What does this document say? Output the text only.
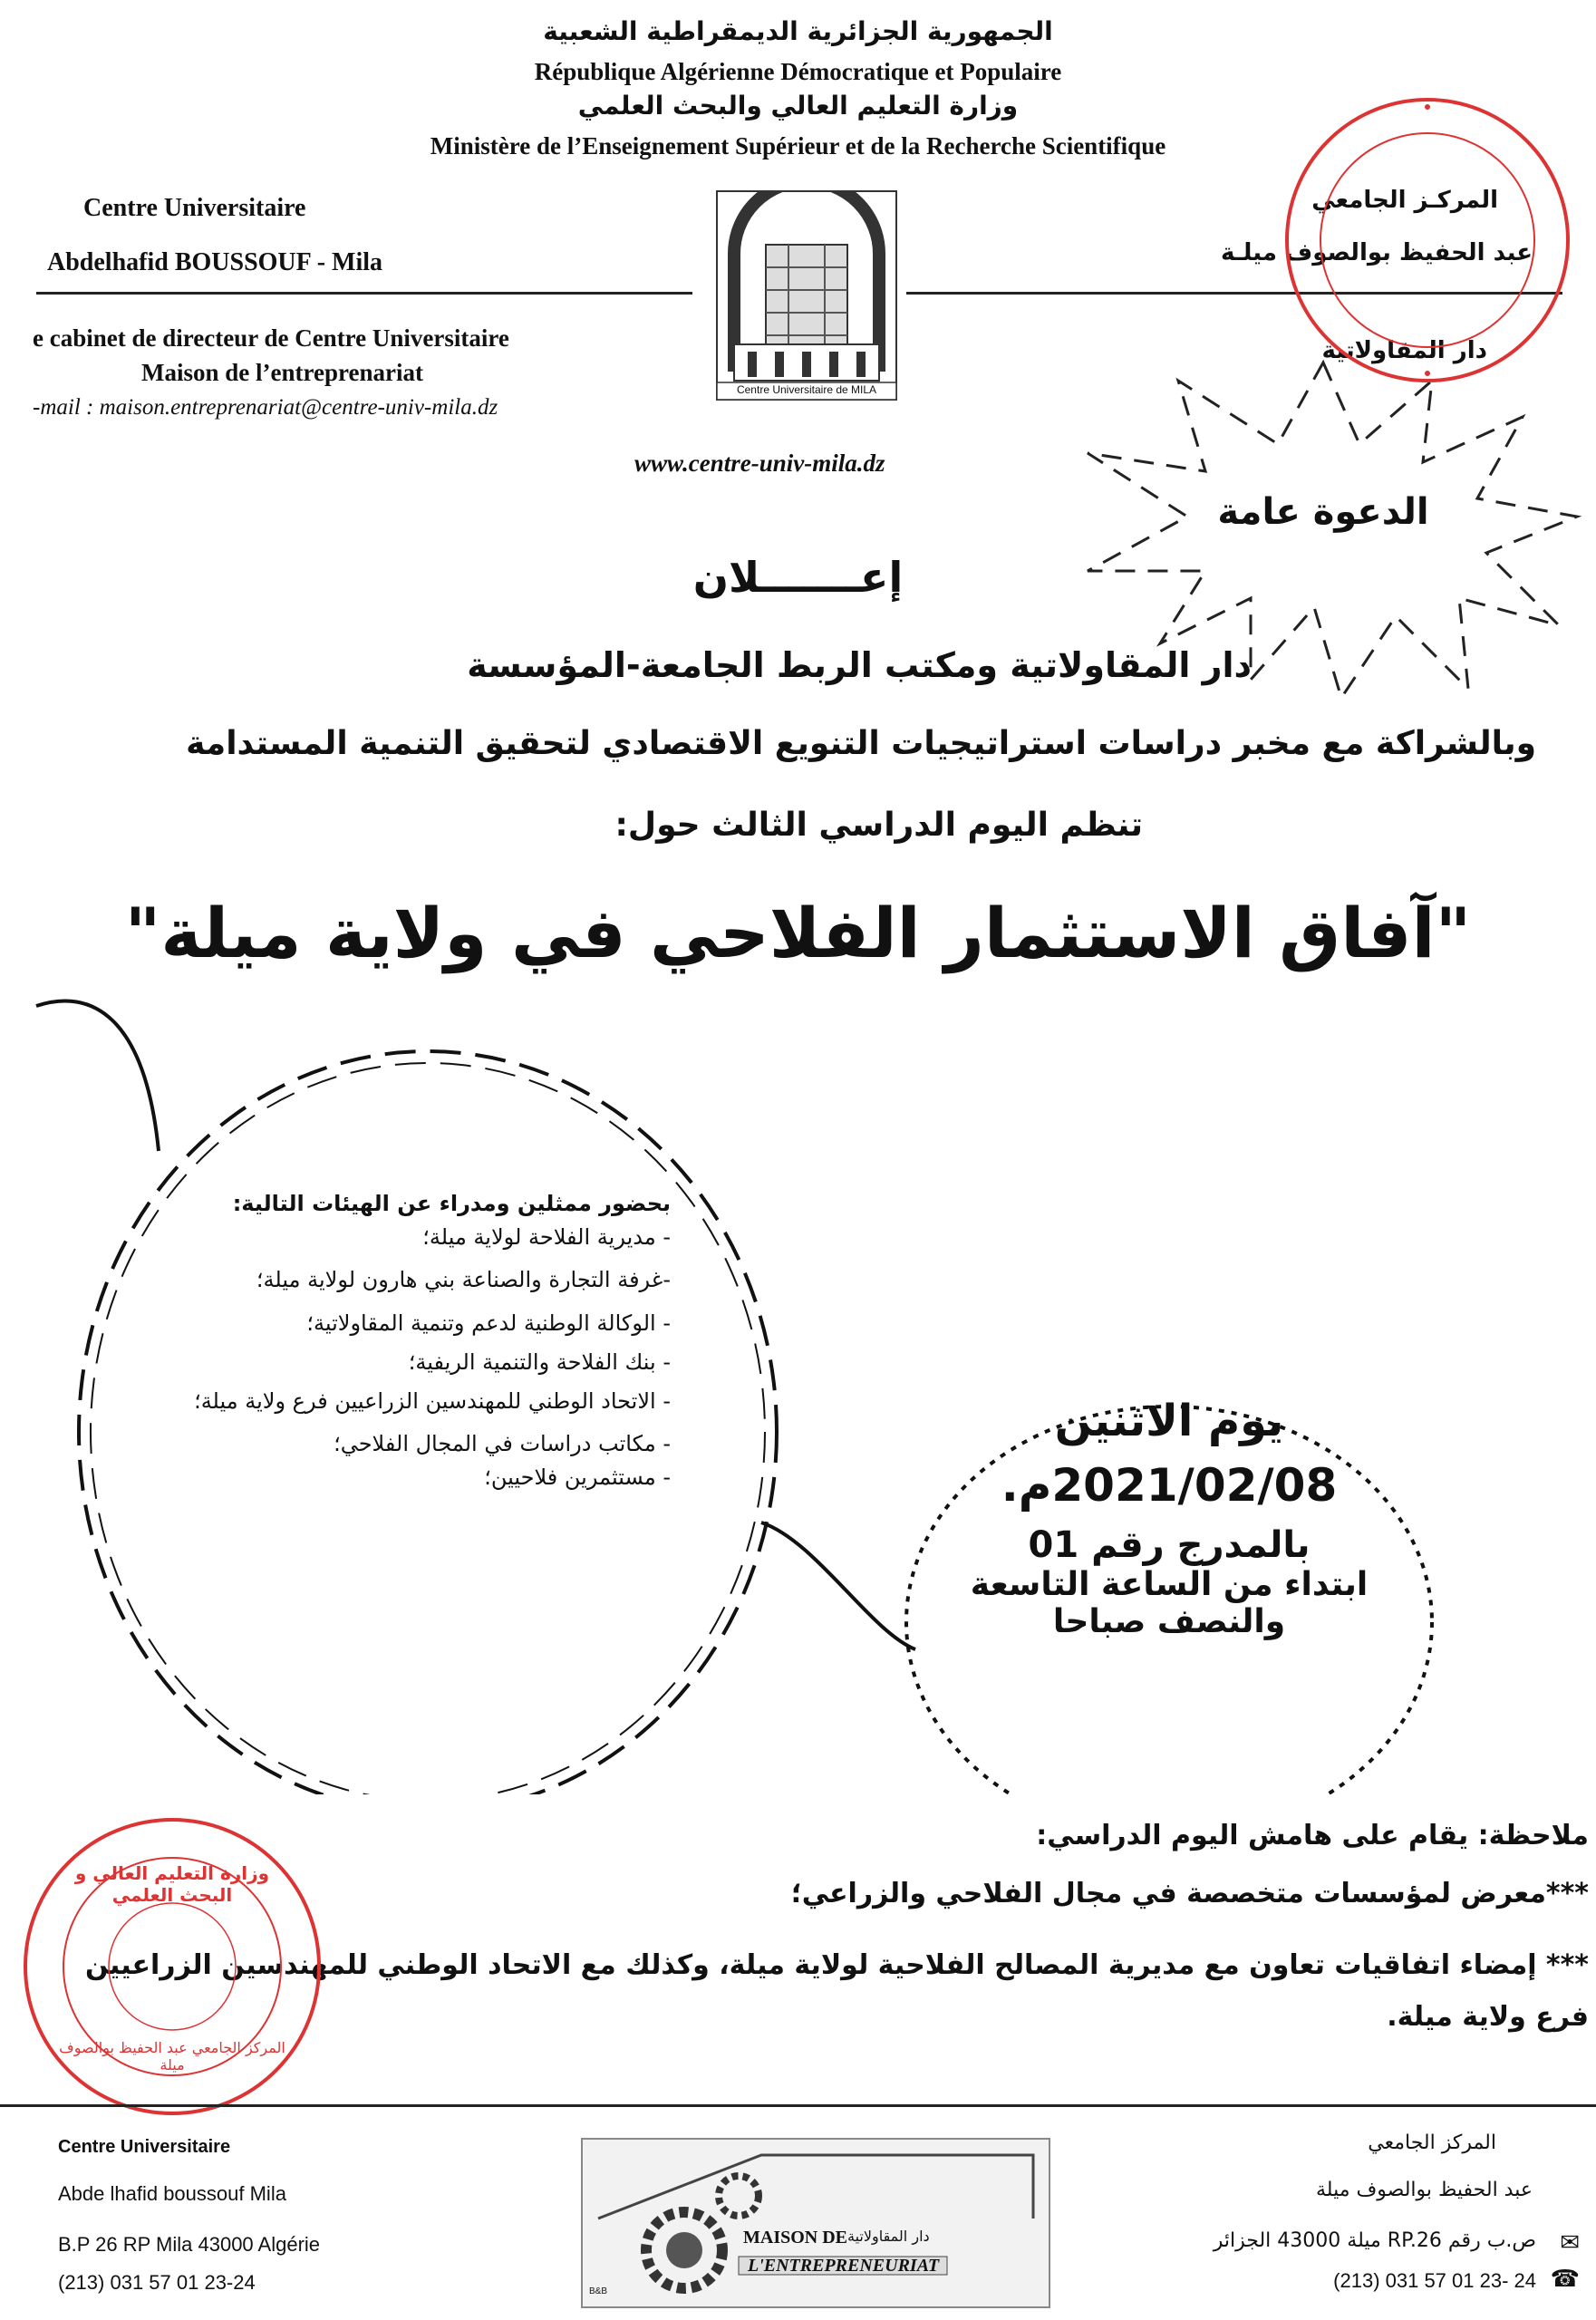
الجمهورية الجزائرية الديمقراطية الشعبية
République Algérienne Démocratique et Populaire
وزارة التعليم العالي والبحث العلمي
Ministère de l’Enseignement Supérieur et de la Recherche Scientifique
Centre Universitaire
Abdelhafid BOUSSOUF - Mila
e cabinet de directeur de Centre Universitaire
Maison de l’entreprenariat
-mail : maison.entreprenariat@centre-univ-mila.dz
Centre Universitaire de MILA
المركـز الجامعي
عبد الحفيظ بوالصوف ميلـة
دار المقاولاتية
www.centre-univ-mila.dz
الدعوة عامة
إعـــــــلان
دار المقاولاتية ومكتب الربط الجامعة-المؤسسة
وبالشراكة مع مخبر دراسات استراتيجيات التنويع الاقتصادي لتحقيق التنمية المستدامة
تنظم اليوم الدراسي الثالث حول:
"آفاق الاستثمار الفلاحي في ولاية ميلة"
بحضور ممثلين ومدراء عن الهيئات التالية:
- مديرية الفلاحة لولاية ميلة؛
-غرفة التجارة والصناعة بني هارون لولاية ميلة؛
- الوكالة الوطنية لدعم وتنمية المقاولاتية؛
- بنك الفلاحة والتنمية الريفية؛
- الاتحاد الوطني للمهندسين الزراعيين فرع ولاية ميلة؛
- مكاتب دراسات في المجال الفلاحي؛
- مستثمرين فلاحيين؛
يوم الاثنين
2021/02/08م.
بالمدرج رقم 01
ابتداء من الساعة التاسعة
والنصف صباحا
ملاحظة: يقام على هامش اليوم الدراسي:
***معرض لمؤسسات متخصصة في مجال الفلاحي والزراعي؛
*** إمضاء اتفاقيات تعاون مع مديرية المصالح الفلاحية لولاية ميلة، وكذلك مع الاتحاد الوطني للمهندسين الزراعيين فرع ولاية ميلة.
وزارة التعليم العالي و البحث العلمي
المركز الجامعي عبد الحفيظ بوالصوف ميلة
Centre Universitaire
Abde lhafid boussouf Mila
B.P 26 RP Mila 43000 Algérie
(213) 031 57 01 23-24
MAISON DE دار المقاولاتية
L'ENTREPRENEURIAT
B&B
المركز الجامعي
عبد الحفيظ بوالصوف ميلة
ص.ب رقم RP.26 ميلة 43000 الجزائر ✉
(213) 031 57 01 23- 24 ☎
